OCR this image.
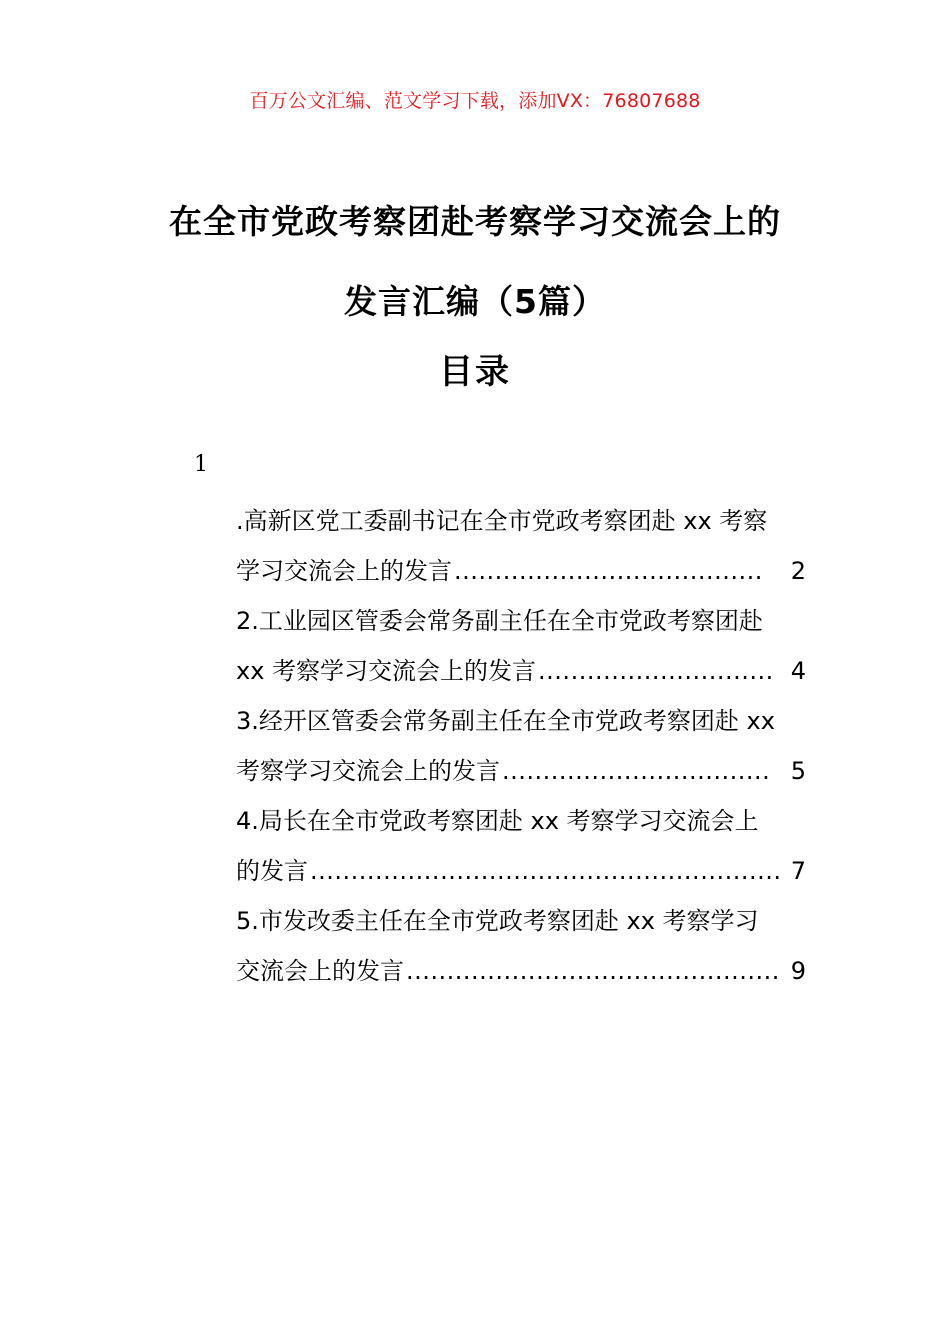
百万公文汇编、范文学习下载，添加VX：76807688
在全市党政考察团赴考察学习交流会上的
发言汇编（5篇）
目录
1
.高新区党工委副书记在全市党政考察团赴 xx 考察
学习交流会上的发言 ......................................	2
2.工业园区管委会常务副主任在全市党政考察团赴
xx 考察学习交流会上的发言 ............................. 4
3.经开区管委会常务副主任在全市党政考察团赴 xx
考察学习交流会上的发言 ................................. 5
4.局长在全市党政考察团赴 xx 考察学习交流会上
的发言 .......................................................... 7
5.市发改委主任在全市党政考察团赴 xx 考察学习
交流会上的发言 .............................................. 9
